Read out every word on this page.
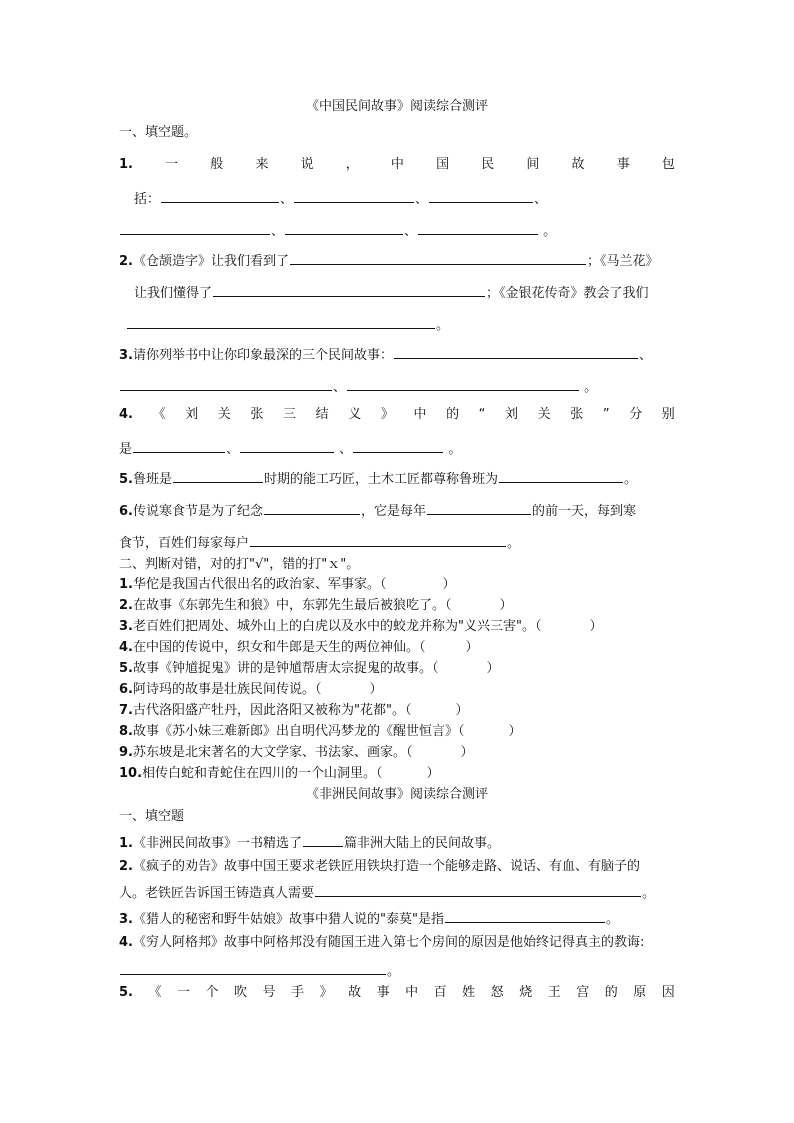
《中国民间故事》阅读综合测评
一、填空题。
1. 一 般 来 说 ， 中 国 民 间 故 事 包
括：	、	、	、
、	、	。
2.《仓颉造字》让我们看到了	；《马兰花》
让我们懂得了	；《金银花传奇》教会了我们
。
3.请你列举书中让你印象最深的三个民间故事：	、
、	。
4. 《 刘 关 张 三 结 义 》 中 的 “ 刘 关 张 ” 分 别
是	、	、	。
5.鲁班是	时期的能工巧匠，土木工匠都尊称鲁班为	。
6.传说寒食节是为了纪念	，它是每年	的前一天，每到寒
食节，百姓们每家每户	。
二、判断对错，对的打"√"，错的打"ｘ"。
1.华佗是我国古代很出名的政治家、军事家。（	）
2.在故事《东郭先生和狼》中，东郭先生最后被狼吃了。（	）
3.老百姓们把周处、城外山上的白虎以及水中的蛟龙并称为"义兴三害"。（	）
4.在中国的传说中，织女和牛郎是天生的两位神仙。（	）
5.故事《钟馗捉鬼》讲的是钟馗帮唐太宗捉鬼的故事。（	）
6.阿诗玛的故事是壮族民间传说。（	）
7.古代洛阳盛产牡丹，因此洛阳又被称为"花都"。（	）
8.故事《苏小妹三难新郎》出自明代冯梦龙的《醒世恒言》（	）
9.苏东坡是北宋著名的大文学家、书法家、画家。（	）
10.相传白蛇和青蛇住在四川的一个山洞里。（	）
《非洲民间故事》阅读综合测评
一、填空题
1.《非洲民间故事》一书精选了	篇非洲大陆上的民间故事。
2.《疯子的劝告》故事中国王要求老铁匠用铁块打造一个能够走路、说话、有血、有脑子的
人。老铁匠告诉国王铸造真人需要	。
3.《猎人的秘密和野牛姑娘》故事中猎人说的"泰莫"是指	。
4.《穷人阿格邦》故事中阿格邦没有随国王进入第七个房间的原因是他始终记得真主的教诲:
。
5. 《 一 个 吹 号 手 》 故 事 中 百 姓 怒 烧 王 宫 的 原 因
